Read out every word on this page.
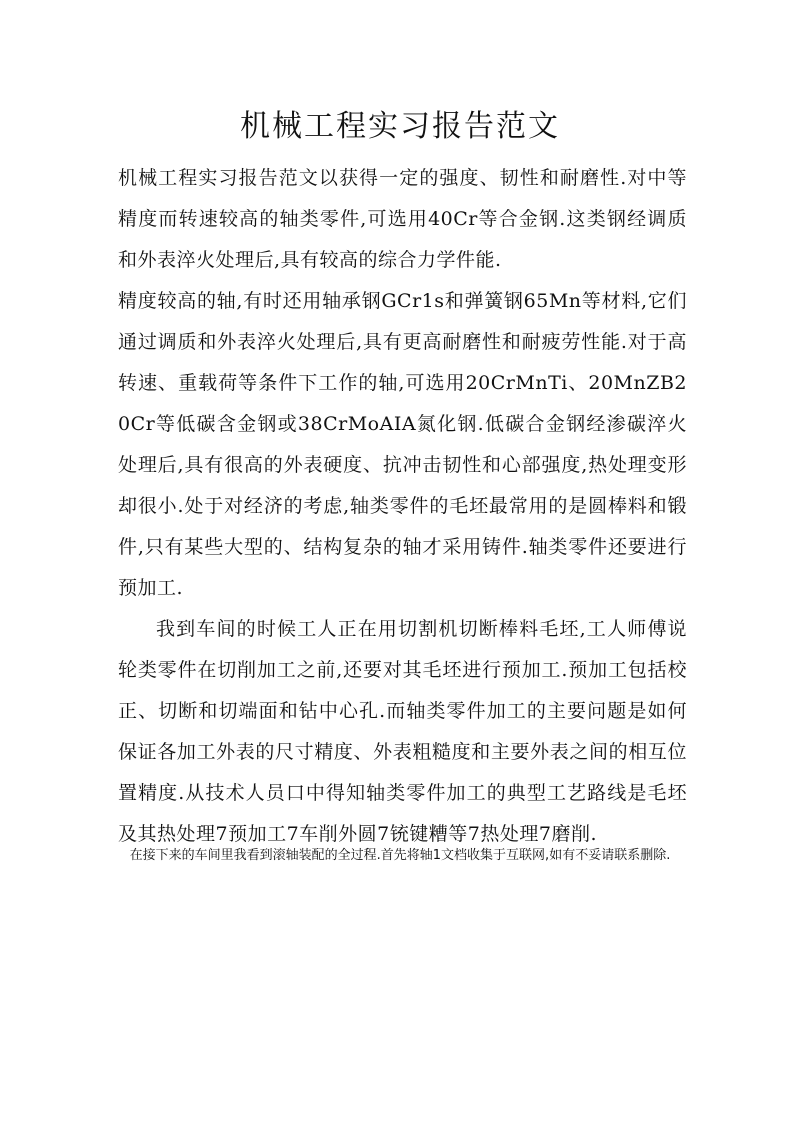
机械工程实习报告范文

机械工程实习报告范文以获得一定的强度、韧性和耐磨性.对中等精度而转速较高的轴类零件,可选用40Cr等合金钢.这类钢经调质和外表淬火处理后,具有较高的综合力学件能.

精度较高的轴,有时还用轴承钢GCr1s和弹簧钢65Mn等材料,它们通过调质和外表淬火处理后,具有更高耐磨性和耐疲劳性能.对于高转速、重载荷等条件下工作的轴,可选用20CrMnTi、20MnZB20Cr等低碳含金钢或38CrMoAIA氮化钢.低碳合金钢经渗碳淬火处理后,具有很高的外表硬度、抗冲击韧性和心部强度,热处理变形却很小.处于对经济的考虑,轴类零件的毛坯最常用的是圆棒料和锻件,只有某些大型的、结构复杂的轴才采用铸件.轴类零件还要进行预加工.

我到车间的时候工人正在用切割机切断棒料毛坯,工人师傅说轮类零件在切削加工之前,还要对其毛坯进行预加工.预加工包括校正、切断和切端面和钻中心孔.而轴类零件加工的主要问题是如何保证各加工外表的尺寸精度、外表粗糙度和主要外表之间的相互位置精度.从技术人员口中得知轴类零件加工的典型工艺路线是毛坯及其热处理7预加工7车削外圆7铳键糟等7热处理7磨削.

在接下来的车间里我看到滚轴装配的全过程.首先将轴1文档收集于互联网,如有不妥请联系删除.
